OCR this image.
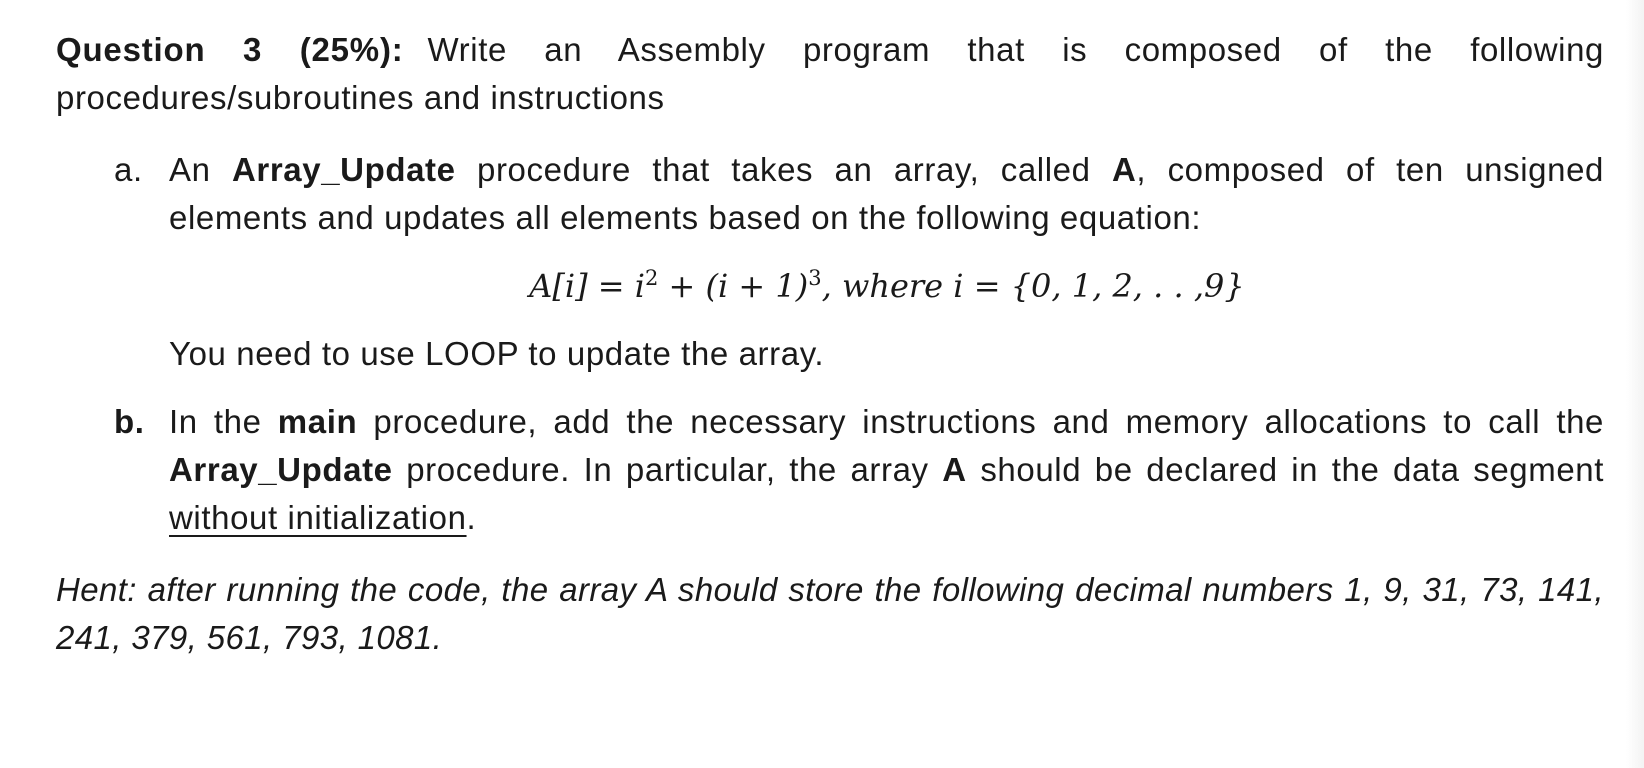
Question 3 (25%): Write an Assembly program that is composed of the following procedures/subroutines and instructions

a. An Array_Update procedure that takes an array, called A, composed of ten unsigned elements and updates all elements based on the following equation:
$A[i] = i^2 + (i + 1)^3$, where i = {0, 1, 2, . . ,9}
You need to use LOOP to update the array.
b. In the main procedure, add the necessary instructions and memory allocations to call the Array_Update procedure. In particular, the array A should be declared in the data segment without initialization.
Hent: after running the code, the array A should store the following decimal numbers 1, 9, 31, 73, 141, 241, 379, 561, 793, 1081.
